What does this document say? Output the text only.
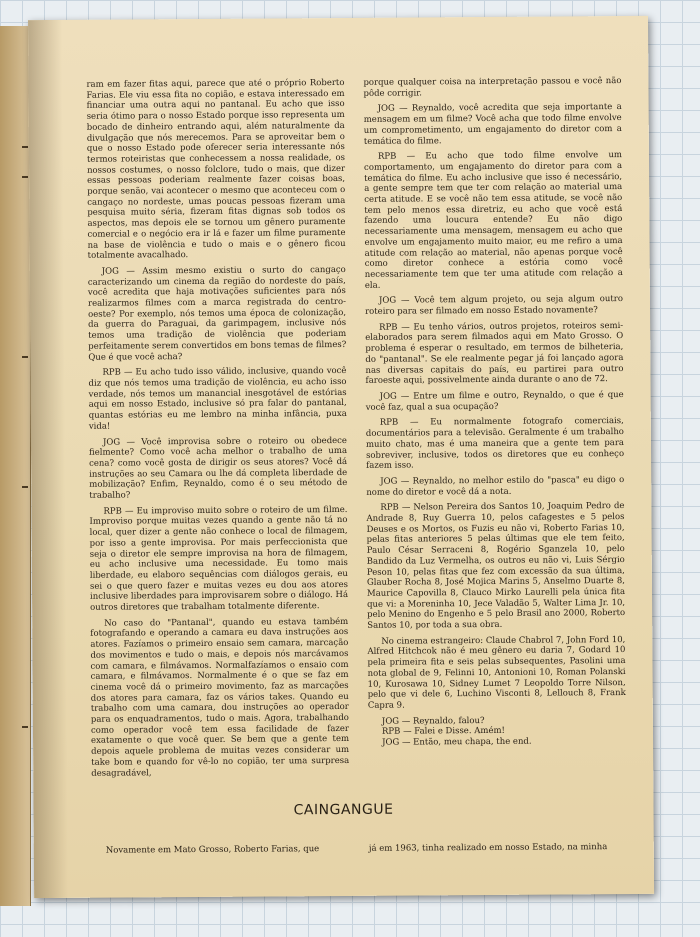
ram em fazer fitas aqui, parece que até o próprio Roberto Farias. Ele viu essa fita no copião, e estava interessado em financiar uma outra aqui no pantanal. Eu acho que isso seria ótimo para o nosso Estado porque isso representa um bocado de dinheiro entrando aqui, além naturalmente da divulgação que nós merecemos. Para se aproveitar bem o que o nosso Estado pode oferecer seria interessante nós termos roteiristas que conhecessem a nossa realidade, os nossos costumes, o nosso folclore, tudo o mais, que dizer essas pessoas poderiam realmente fazer coisas boas, porque senão, vai acontecer o mesmo que aconteceu com o cangaço no nordeste, umas poucas pessoas fizeram uma pesquisa muito séria, fizeram fitas dignas sob todos os aspectos, mas depois ele se tornou um gênero puramente comercial e o negócio era ir lá e fazer um filme puramente na base de violência e tudo o mais e o gênero ficou totalmente avacalhado.

JOG — Assim mesmo existiu o surto do cangaço caracterizando um cinema da região do nordeste do país, você acredita que haja motivações suficientes para nós realizarmos filmes com a marca registrada do centro-oeste? Por exemplo, nós temos uma época de colonização, da guerra do Paraguai, da garimpagem, inclusive nós temos uma tradição de violência que poderiam perfeitamente serem convertidos em bons temas de filmes? Que é que você acha?

RPB — Eu acho tudo isso válido, inclusive, quando você diz que nós temos uma tradição de violência, eu acho isso verdade, nós temos um manancial inesgotável de estórias aqui em nosso Estado, inclusive só pra falar do pantanal, quantas estórias eu me lembro na minha infância, puxa vida!

JOG — Você improvisa sobre o roteiro ou obedece fielmente? Como você acha melhor o trabalho de uma cena? como você gosta de dirigir os seus atores? Você dá instruções ao seu Camara ou lhe dá completa liberdade de mobilização? Enfim, Reynaldo, como é o seu método de trabalho?

RPB — Eu improviso muito sobre o roteiro de um filme. Improviso porque muitas vezes quando a gente não tá no local, quer dizer a gente não conhece o local de filmagem, por isso a gente improvisa. Por mais perfeccionista que seja o diretor ele sempre improvisa na hora de filmagem, eu acho inclusive uma necessidade. Eu tomo mais liberdade, eu elaboro sequências com diálogos gerais, eu sei o que quero fazer e muitas vezes eu dou aos atores inclusive liberdades para improvisarem sobre o diálogo. Há outros diretores que trabalham totalmente diferente.

No caso do "Pantanal", quando eu estava também fotografando e operando a camara eu dava instruções aos atores. Fazíamos o primeiro ensaio sem camara, marcação dos movimentos e tudo o mais, e depois nós marcávamos com camara, e filmávamos. Normalfazíamos o ensaio com camara, e filmávamos. Normalmente é o que se faz em cinema você dá o primeiro movimento, faz as marcações dos atores para camara, faz os vários takes. Quando eu trabalho com uma camara, dou instruções ao operador para os enquadramentos, tudo o mais. Agora, trabalhando como operador você tem essa facilidade de fazer exatamente o que você quer. Se bem que a gente tem depois aquele problema de muitas vezes considerar um take bom e quando for vê-lo no copião, ter uma surpresa desagradável,

porque qualquer coisa na interpretação passou e você não pôde corrigir.

JOG — Reynaldo, você acredita que seja importante a mensagem em um filme? Você acha que todo filme envolve um comprometimento, um engajamento do diretor com a temática do filme.

RPB — Eu acho que todo filme envolve um comportamento, um engajamento do diretor para com a temática do filme. Eu acho inclusive que isso é necessário, a gente sempre tem que ter com relação ao material uma certa atitude. E se você não tem essa atitude, se você não tem pelo menos essa diretriz, eu acho que você está fazendo uma loucura entende? Eu não digo necessariamente uma mensagem, mensagem eu acho que envolve um engajamento muito maior, eu me refiro a uma atitude com relação ao material, não apenas porque você como diretor conhece a estória como você necessariamente tem que ter uma atitude com relação a ela.

JOG — Você tem algum projeto, ou seja algum outro roteiro para ser filmado em nosso Estado novamente?

RPB — Eu tenho vários, outros projetos, roteiros semi-elaborados para serem filmados aqui em Mato Grosso. O problema é esperar o resultado, em termos de bilheteria, do "pantanal". Se ele realmente pegar já foi lançado agora nas diversas capitais do país, eu partirei para outro faroeste aqui, possivelmente ainda durante o ano de 72.

JOG — Entre um filme e outro, Reynaldo, o que é que você faz, qual a sua ocupação?

RPB — Eu normalmente fotografo comerciais, documentários para a televisão. Geralmente é um trabalho muito chato, mas é uma maneira que a gente tem para sobreviver, inclusive, todos os diretores que eu conheço fazem isso.

JOG — Reynaldo, no melhor estilo do "pasca" eu digo o nome do diretor e você dá a nota.

RPB — Nelson Pereira dos Santos 10, Joaquim Pedro de Andrade 8, Ruy Guerra 10, pelos cafagestes e 5 pelos Deuses e os Mortos, os Fuzis eu não vi, Roberto Farias 10, pelas fitas anteriores 5 pelas últimas que ele tem feito, Paulo César Serraceni 8, Rogério Sganzela 10, pelo Bandido da Luz Vermelha, os outros eu não vi, Luis Sérgio Peson 10, pelas fitas que fez com excessão da sua última, Glauber Rocha 8, José Mojica Marins 5, Anselmo Duarte 8, Maurice Capovilla 8, Clauco Mirko Laurelli pela única fita que vi: a Moreninha 10, Jece Valadão 5, Walter Lima Jr. 10, pelo Menino do Engenho e 5 pelo Brasil ano 2000, Roberto Santos 10, por toda a sua obra.

No cinema estrangeiro: Claude Chabrol 7, John Ford 10, Alfred Hitchcok não é meu gênero eu daria 7, Godard 10 pela primeira fita e seis pelas subsequentes, Pasolini uma nota global de 9, Felinni 10, Antonioni 10, Roman Polanski 10, Kurosawa 10, Sidney Lumet 7 Leopoldo Torre Nilson, pelo que vi dele 6, Luchino Visconti 8, Lellouch 8, Frank Capra 9.

JOG — Reynaldo, falou?

RPB — Falei e Disse. Amém!

JOG — Então, meu chapa, the end.

CAINGANGUE
Novamente em Mato Grosso, Roberto Farias, que	já em 1963, tinha realizado em nosso Estado, na minha
